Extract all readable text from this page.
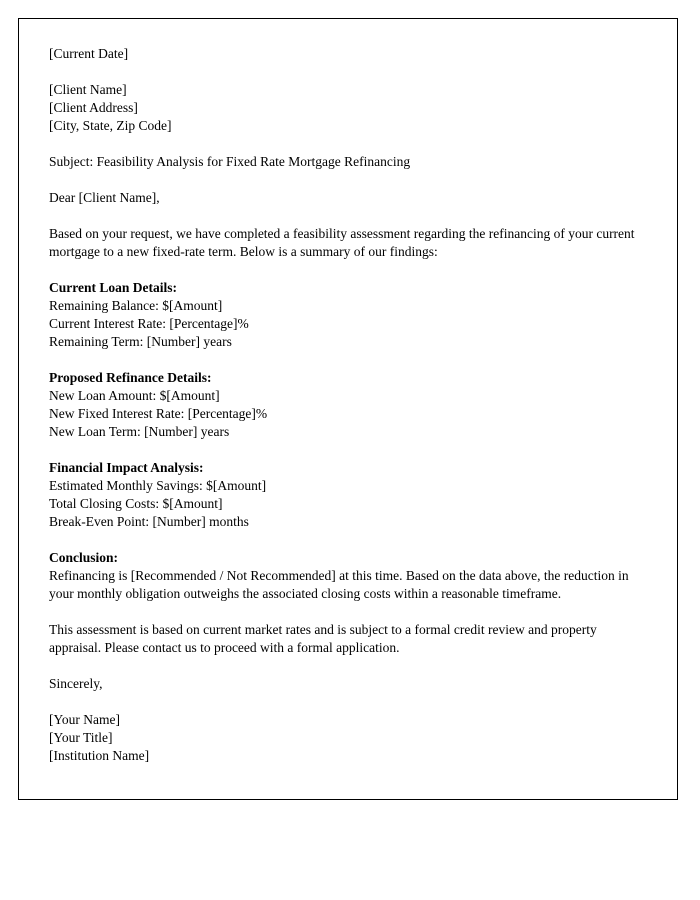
[Current Date]
[Client Name]
[Client Address]
[City, State, Zip Code]
Subject: Feasibility Analysis for Fixed Rate Mortgage Refinancing
Dear [Client Name],
Based on your request, we have completed a feasibility assessment regarding the refinancing of your current mortgage to a new fixed-rate term. Below is a summary of our findings:
Current Loan Details:
Remaining Balance: $[Amount]
Current Interest Rate: [Percentage]%
Remaining Term: [Number] years
Proposed Refinance Details:
New Loan Amount: $[Amount]
New Fixed Interest Rate: [Percentage]%
New Loan Term: [Number] years
Financial Impact Analysis:
Estimated Monthly Savings: $[Amount]
Total Closing Costs: $[Amount]
Break-Even Point: [Number] months
Conclusion:
Refinancing is [Recommended / Not Recommended] at this time. Based on the data above, the reduction in your monthly obligation outweighs the associated closing costs within a reasonable timeframe.
This assessment is based on current market rates and is subject to a formal credit review and property appraisal. Please contact us to proceed with a formal application.
Sincerely,
[Your Name]
[Your Title]
[Institution Name]
